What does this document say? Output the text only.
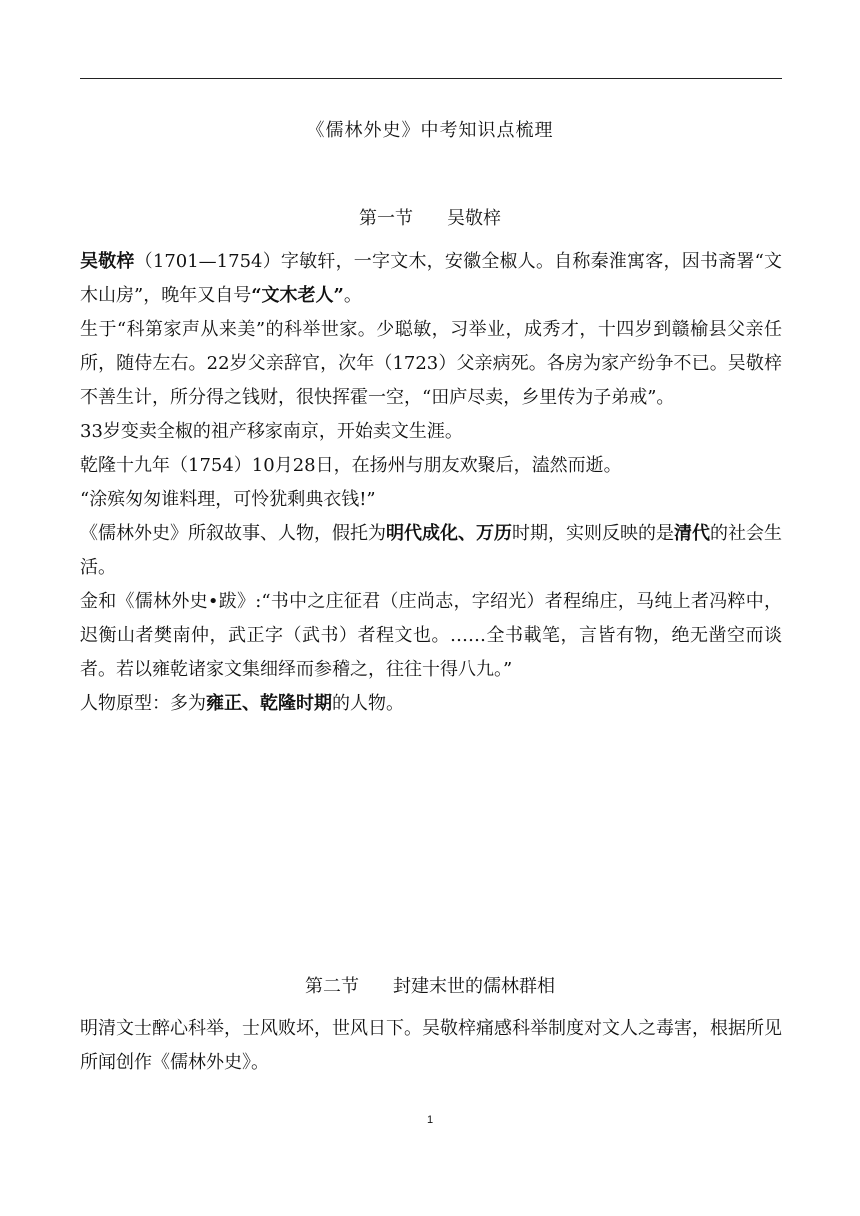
《儒林外史》中考知识点梳理
第一节 吴敬梓

吴敬梓（1701—1754）字敏轩，一字文木，安徽全椒人。自称秦淮寓客，因书斋署“文木山房”，晚年又自号“文木老人”。

生于“科第家声从来美”的科举世家。少聪敏，习举业，成秀才，十四岁到赣榆县父亲任所，随侍左右。22岁父亲辞官，次年（1723）父亲病死。各房为家产纷争不已。吴敬梓不善生计，所分得之钱财，很快挥霍一空，“田庐尽卖，乡里传为子弟戒”。

33岁变卖全椒的祖产移家南京，开始卖文生涯。

乾隆十九年（1754）10月28日，在扬州与朋友欢聚后，溘然而逝。

“涂殡匆匆谁料理，可怜犹剩典衣钱!”

《儒林外史》所叙故事、人物，假托为明代成化、万历时期，实则反映的是清代的社会生活。

金和《儒林外史•跋》:“书中之庄征君（庄尚志，字绍光）者程绵庄，马纯上者冯粹中，迟衡山者樊南仲，武正字（武书）者程文也。……全书載笔，言皆有物，绝无凿空而谈者。若以雍乾诸家文集细绎而参稽之，往往十得八九。”

人物原型：多为雍正、乾隆时期的人物。

第二节 封建末世的儒林群相

明清文士醉心科举，士风败坏，世风日下。吴敬梓痛感科举制度对文人之毒害，根据所见所闻创作《儒林外史》。

1
